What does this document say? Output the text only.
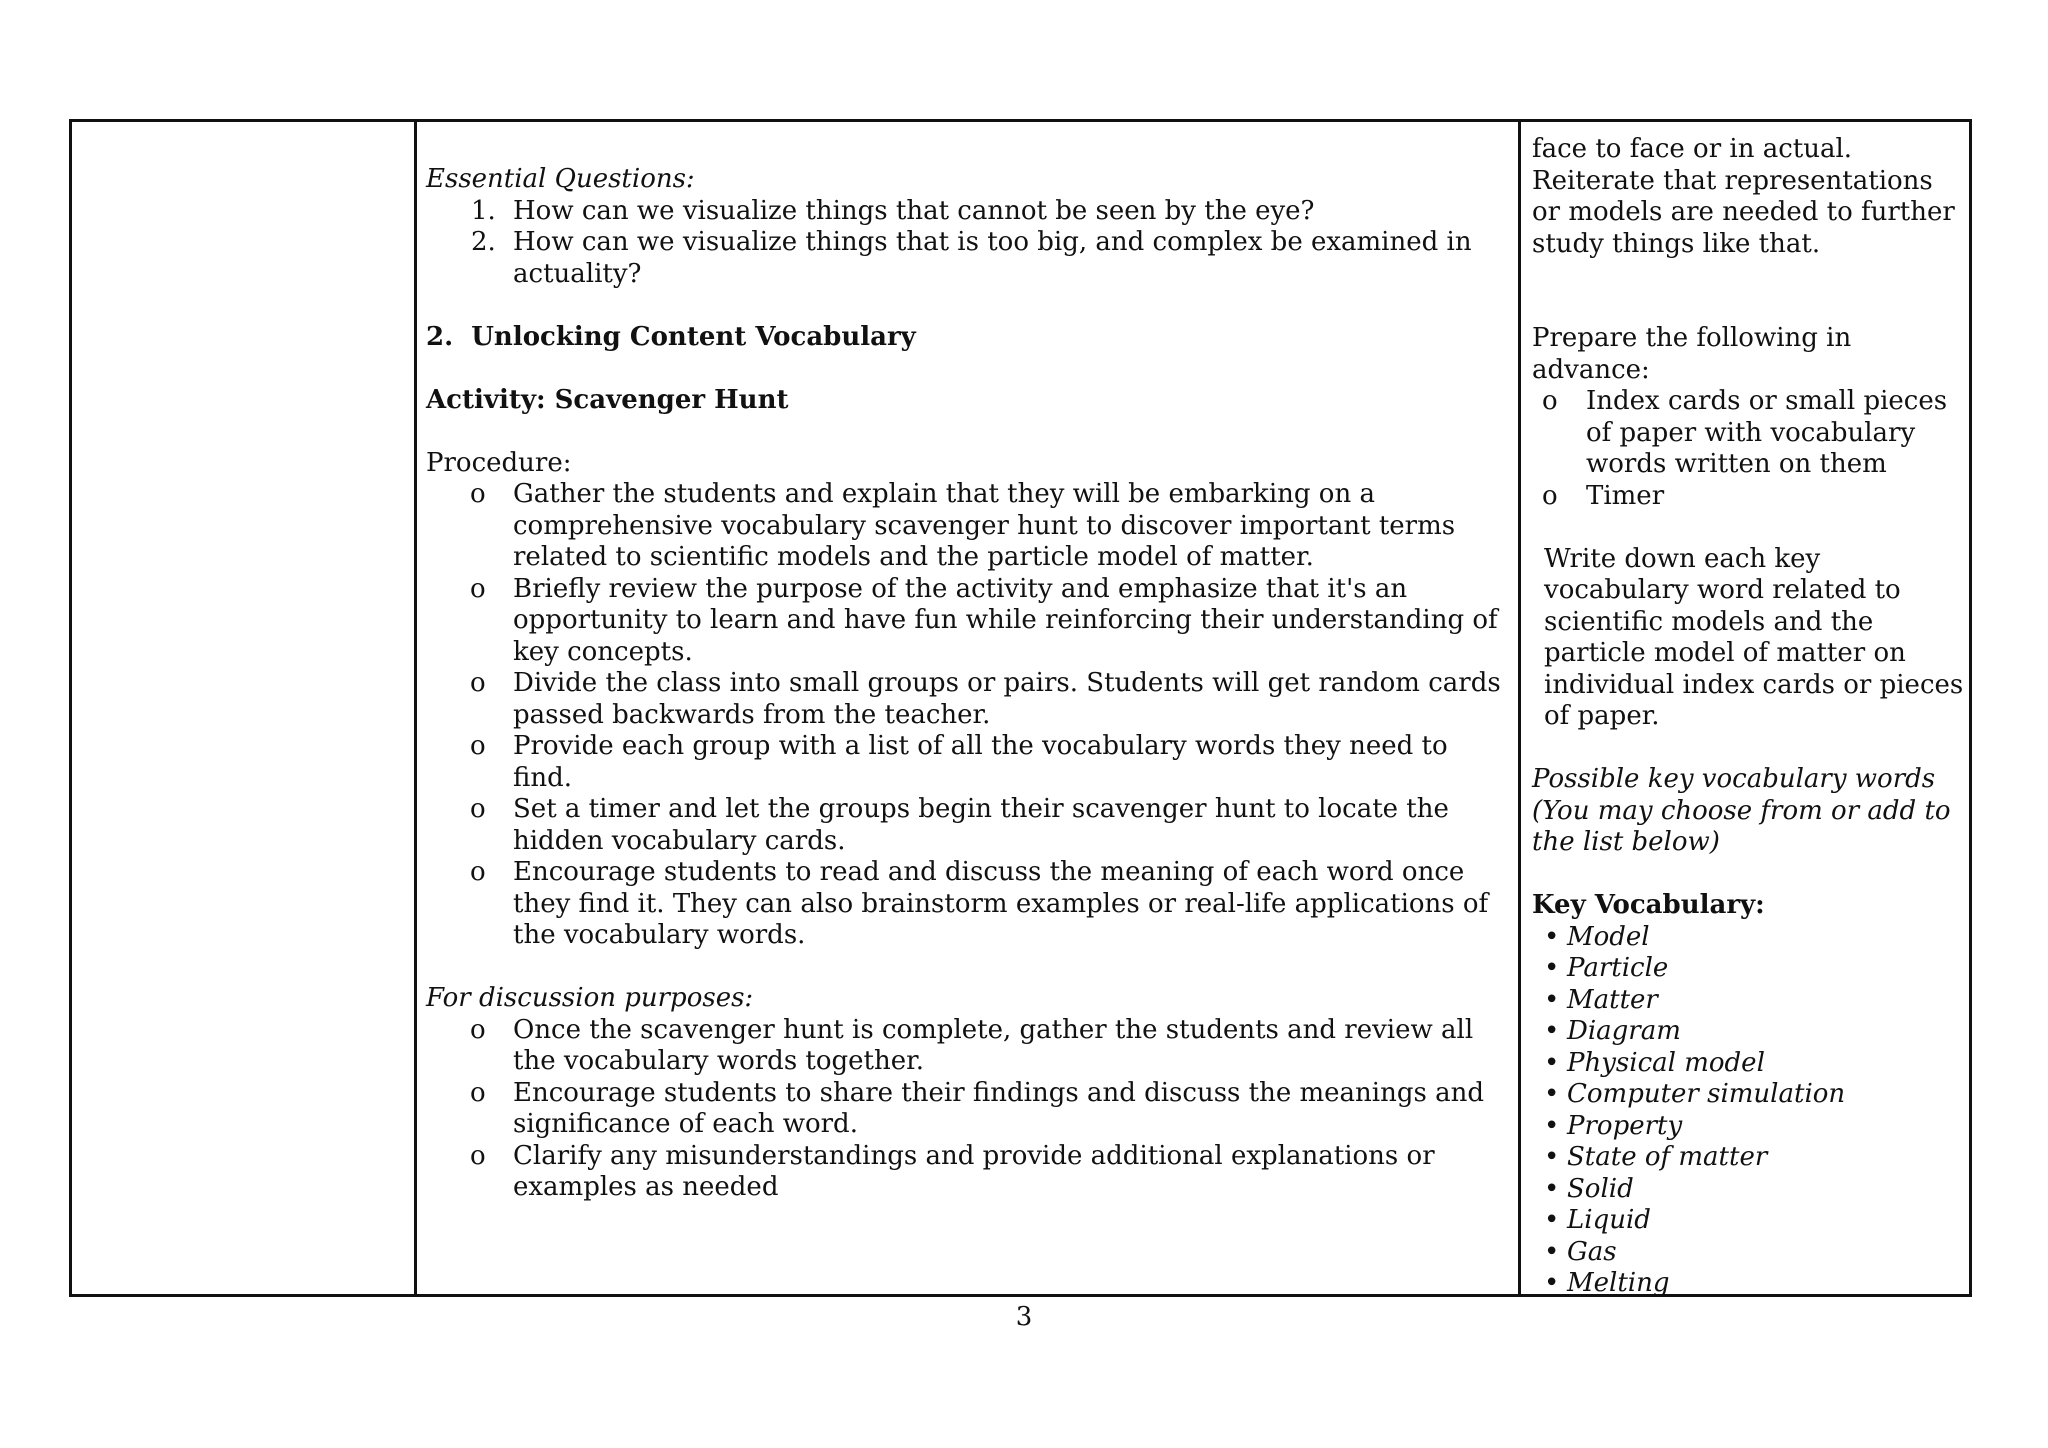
Essential Questions:
1. How can we visualize things that cannot be seen by the eye?
2. How can we visualize things that is too big, and complex be examined in actuality?
2.  Unlocking Content Vocabulary
Activity: Scavenger Hunt
Procedure:
o Gather the students and explain that they will be embarking on a comprehensive vocabulary scavenger hunt to discover important terms related to scientific models and the particle model of matter.
o Briefly review the purpose of the activity and emphasize that it's an opportunity to learn and have fun while reinforcing their understanding of key concepts.
o Divide the class into small groups or pairs. Students will get random cards passed backwards from the teacher.
o Provide each group with a list of all the vocabulary words they need to find.
o Set a timer and let the groups begin their scavenger hunt to locate the hidden vocabulary cards.
o Encourage students to read and discuss the meaning of each word once they find it. They can also brainstorm examples or real-life applications of the vocabulary words.
For discussion purposes:
o Once the scavenger hunt is complete, gather the students and review all the vocabulary words together.
o Encourage students to share their findings and discuss the meanings and significance of each word.
o Clarify any misunderstandings and provide additional explanations or examples as needed
face to face or in actual. Reiterate that representations or models are needed to further study things like that.
Prepare the following in advance:
o Index cards or small pieces of paper with vocabulary words written on them
o Timer
Write down each key vocabulary word related to scientific models and the particle model of matter on individual index cards or pieces of paper.
Possible key vocabulary words (You may choose from or add to the list below)
Key Vocabulary:
• Model
• Particle
• Matter
• Diagram
• Physical model
• Computer simulation
• Property
• State of matter
• Solid
• Liquid
• Gas
• Melting
3
